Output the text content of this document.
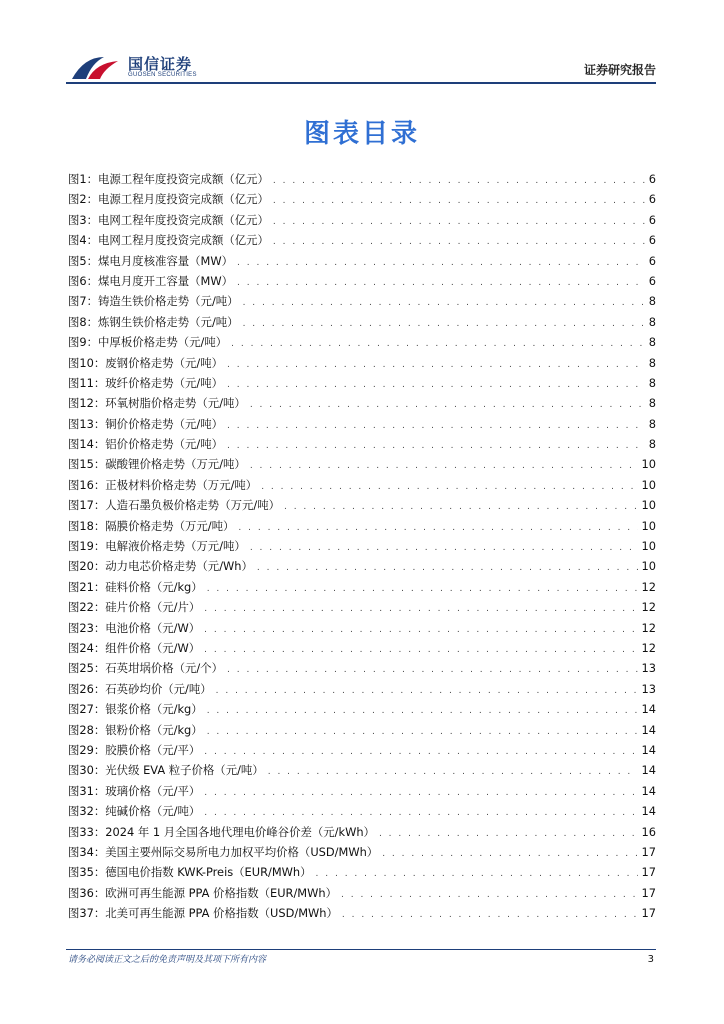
国信证券
GUOSEN SECURITIES	证券研究报告
图表目录
图1： 电源工程年度投资完成额（亿元） . . .	6
图2： 电源工程月度投资完成额（亿元） . . .	6
图3： 电网工程年度投资完成额（亿元） . . .	6
图4： 电网工程月度投资完成额（亿元） . . .	6
图5： 煤电月度核准容量（MW） . . .	6
图6： 煤电月度开工容量（MW） . . .	6
图7： 铸造生铁价格走势（元/吨） . . .	8
图8： 炼钢生铁价格走势（元/吨） . . .	8
图9： 中厚板价格走势（元/吨） . . .	8
图10： 废钢价格走势（元/吨） . . .	8
图11： 玻纤价格走势（元/吨） . . .	8
图12： 环氧树脂价格走势（元/吨） . . .	8
图13： 铜价价格走势（元/吨） . . .	8
图14： 铝价价格走势（元/吨） . . .	8
图15： 碳酸锂价格走势（万元/吨） . . .	10
图16： 正极材料价格走势（万元/吨） . . .	10
图17： 人造石墨负极价格走势（万元/吨） . . .	10
图18： 隔膜价格走势（万元/吨） . . .	10
图19： 电解液价格走势（万元/吨） . . .	10
图20： 动力电芯价格走势（元/Wh） . . .	10
图21： 硅料价格（元/kg） . . .	12
图22： 硅片价格（元/片） . . .	12
图23： 电池价格（元/W） . . .	12
图24： 组件价格（元/W） . . .	12
图25： 石英坩埚价格（元/个） . . .	13
图26： 石英砂均价（元/吨） . . .	13
图27： 银浆价格（元/kg） . . .	14
图28： 银粉价格（元/kg） . . .	14
图29： 胶膜价格（元/平） . . .	14
图30： 光伏级 EVA 粒子价格（元/吨） . . .	14
图31： 玻璃价格（元/平） . . .	14
图32： 纯碱价格（元/吨） . . .	14
图33： 2024 年 1 月全国各地代理电价峰谷价差（元/kWh） . . .	16
图34： 美国主要州际交易所电力加权平均价格（USD/MWh） . . .	17
图35： 德国电价指数 KWK-Preis（EUR/MWh） . . .	17
图36： 欧洲可再生能源 PPA 价格指数（EUR/MWh） . . .	17
图37： 北美可再生能源 PPA 价格指数（USD/MWh） . . .	17
请务必阅读正文之后的免责声明及其项下所有内容	3
